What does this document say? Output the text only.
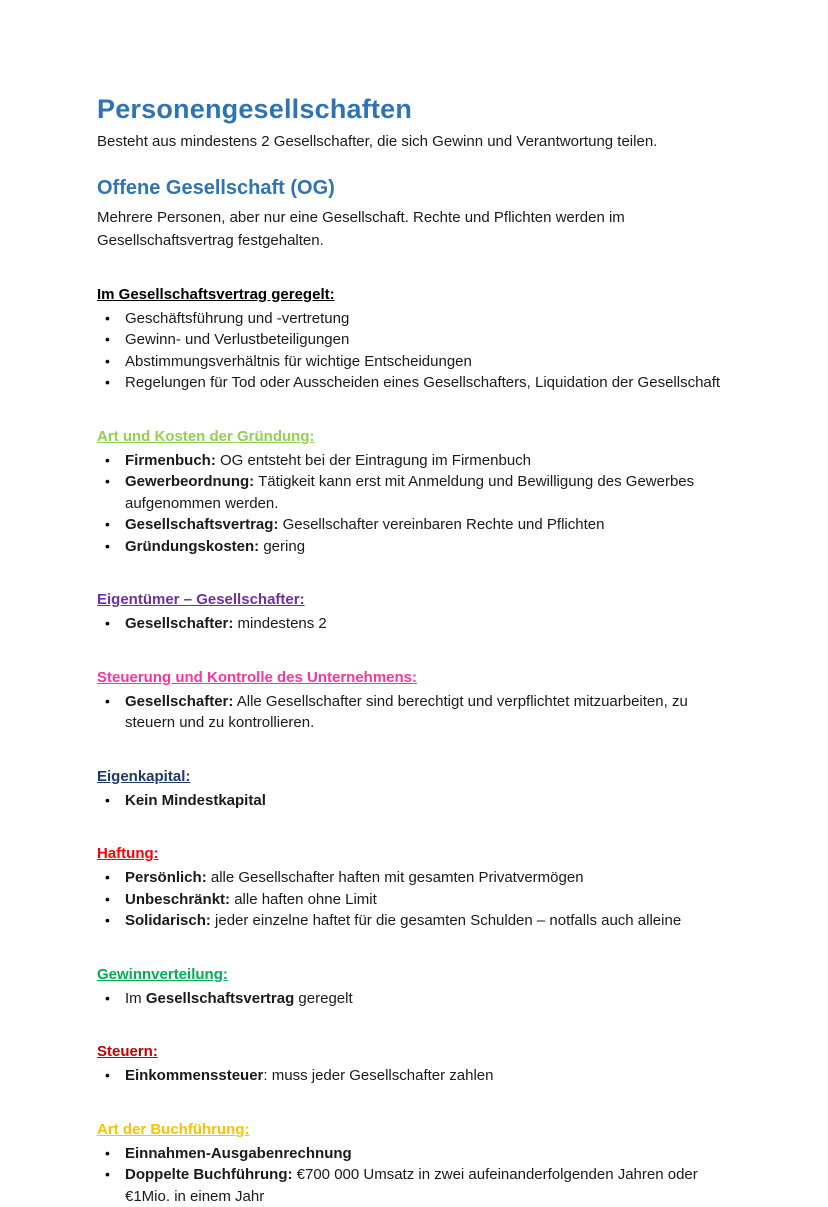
Personengesellschaften

Besteht aus mindestens 2 Gesellschafter, die sich Gewinn und Verantwortung teilen.

Offene Gesellschaft (OG)

Mehrere Personen, aber nur eine Gesellschaft. Rechte und Pflichten werden im Gesellschaftsvertrag festgehalten.

Im Gesellschaftsvertrag geregelt:
• Geschäftsführung und -vertretung
• Gewinn- und Verlustbeteiligungen
• Abstimmungsverhältnis für wichtige Entscheidungen
• Regelungen für Tod oder Ausscheiden eines Gesellschafters, Liquidation der Gesellschaft
Art und Kosten der Gründung:
• Firmenbuch: OG entsteht bei der Eintragung im Firmenbuch
• Gewerbeordnung: Tätigkeit kann erst mit Anmeldung und Bewilligung des Gewerbes aufgenommen werden.
• Gesellschaftsvertrag: Gesellschafter vereinbaren Rechte und Pflichten
• Gründungskosten: gering
Eigentümer – Gesellschafter:
• Gesellschafter: mindestens 2
Steuerung und Kontrolle des Unternehmens:
• Gesellschafter: Alle Gesellschafter sind berechtigt und verpflichtet mitzuarbeiten, zu steuern und zu kontrollieren.
Eigenkapital:
• Kein Mindestkapital
Haftung:
• Persönlich: alle Gesellschafter haften mit gesamten Privatvermögen
• Unbeschränkt: alle haften ohne Limit
• Solidarisch: jeder einzelne haftet für die gesamten Schulden – notfalls auch alleine
Gewinnverteilung:
• Im Gesellschaftsvertrag geregelt
Steuern:
• Einkommenssteuer: muss jeder Gesellschafter zahlen
Art der Buchführung:
• Einnahmen-Ausgabenrechnung
• Doppelte Buchführung: €700 000 Umsatz in zwei aufeinanderfolgenden Jahren oder €1Mio. in einem Jahr
